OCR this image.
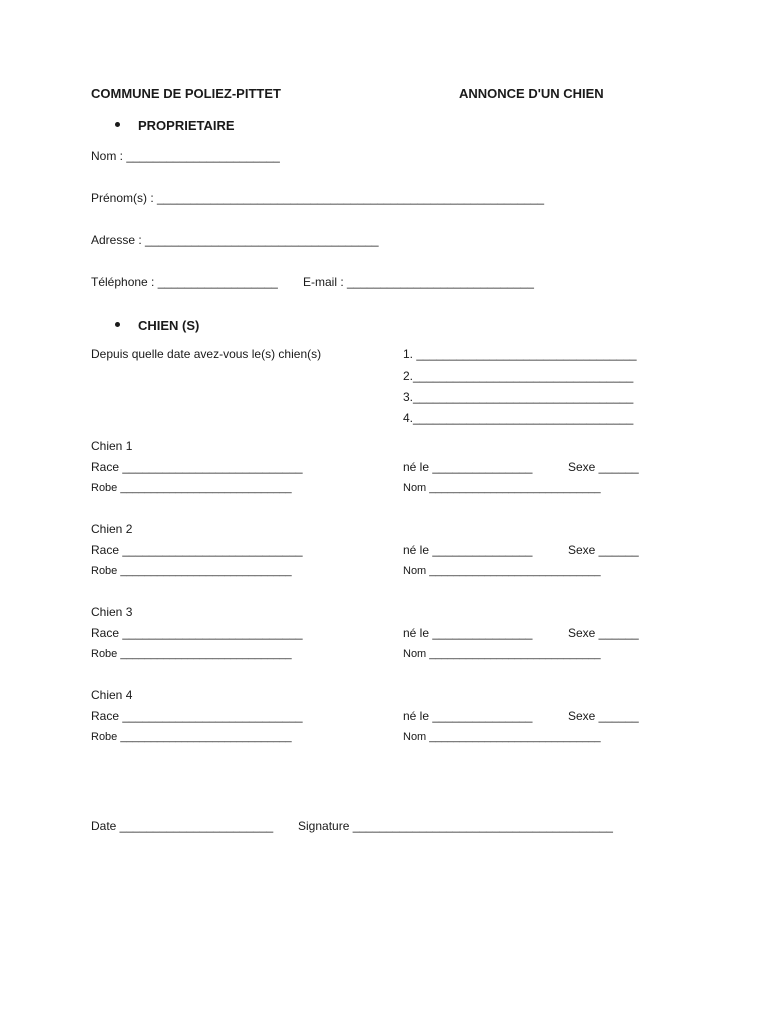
COMMUNE DE POLIEZ-PITTET	ANNONCE D'UN CHIEN
PROPRIETAIRE
Nom : _______________________
Prénom(s) : __________________________________________________________
Adresse : ___________________________________
Téléphone : __________________ E-mail : ____________________________
CHIEN (S)
Depuis quelle date avez-vous le(s) chien(s)	1. _________________________________
2._________________________________
3._________________________________
4._________________________________
Chien 1
Race ___________________________	né le _______________	Sexe ______
Robe ____________________________	Nom ____________________________
Chien 2
Race ___________________________	né le _______________	Sexe ______
Robe ____________________________	Nom ____________________________
Chien 3
Race ___________________________	né le _______________	Sexe ______
Robe ____________________________	Nom ____________________________
Chien 4
Race ___________________________	né le _______________	Sexe ______
Robe ____________________________	Nom ____________________________
Date _______________________ Signature _______________________________________
